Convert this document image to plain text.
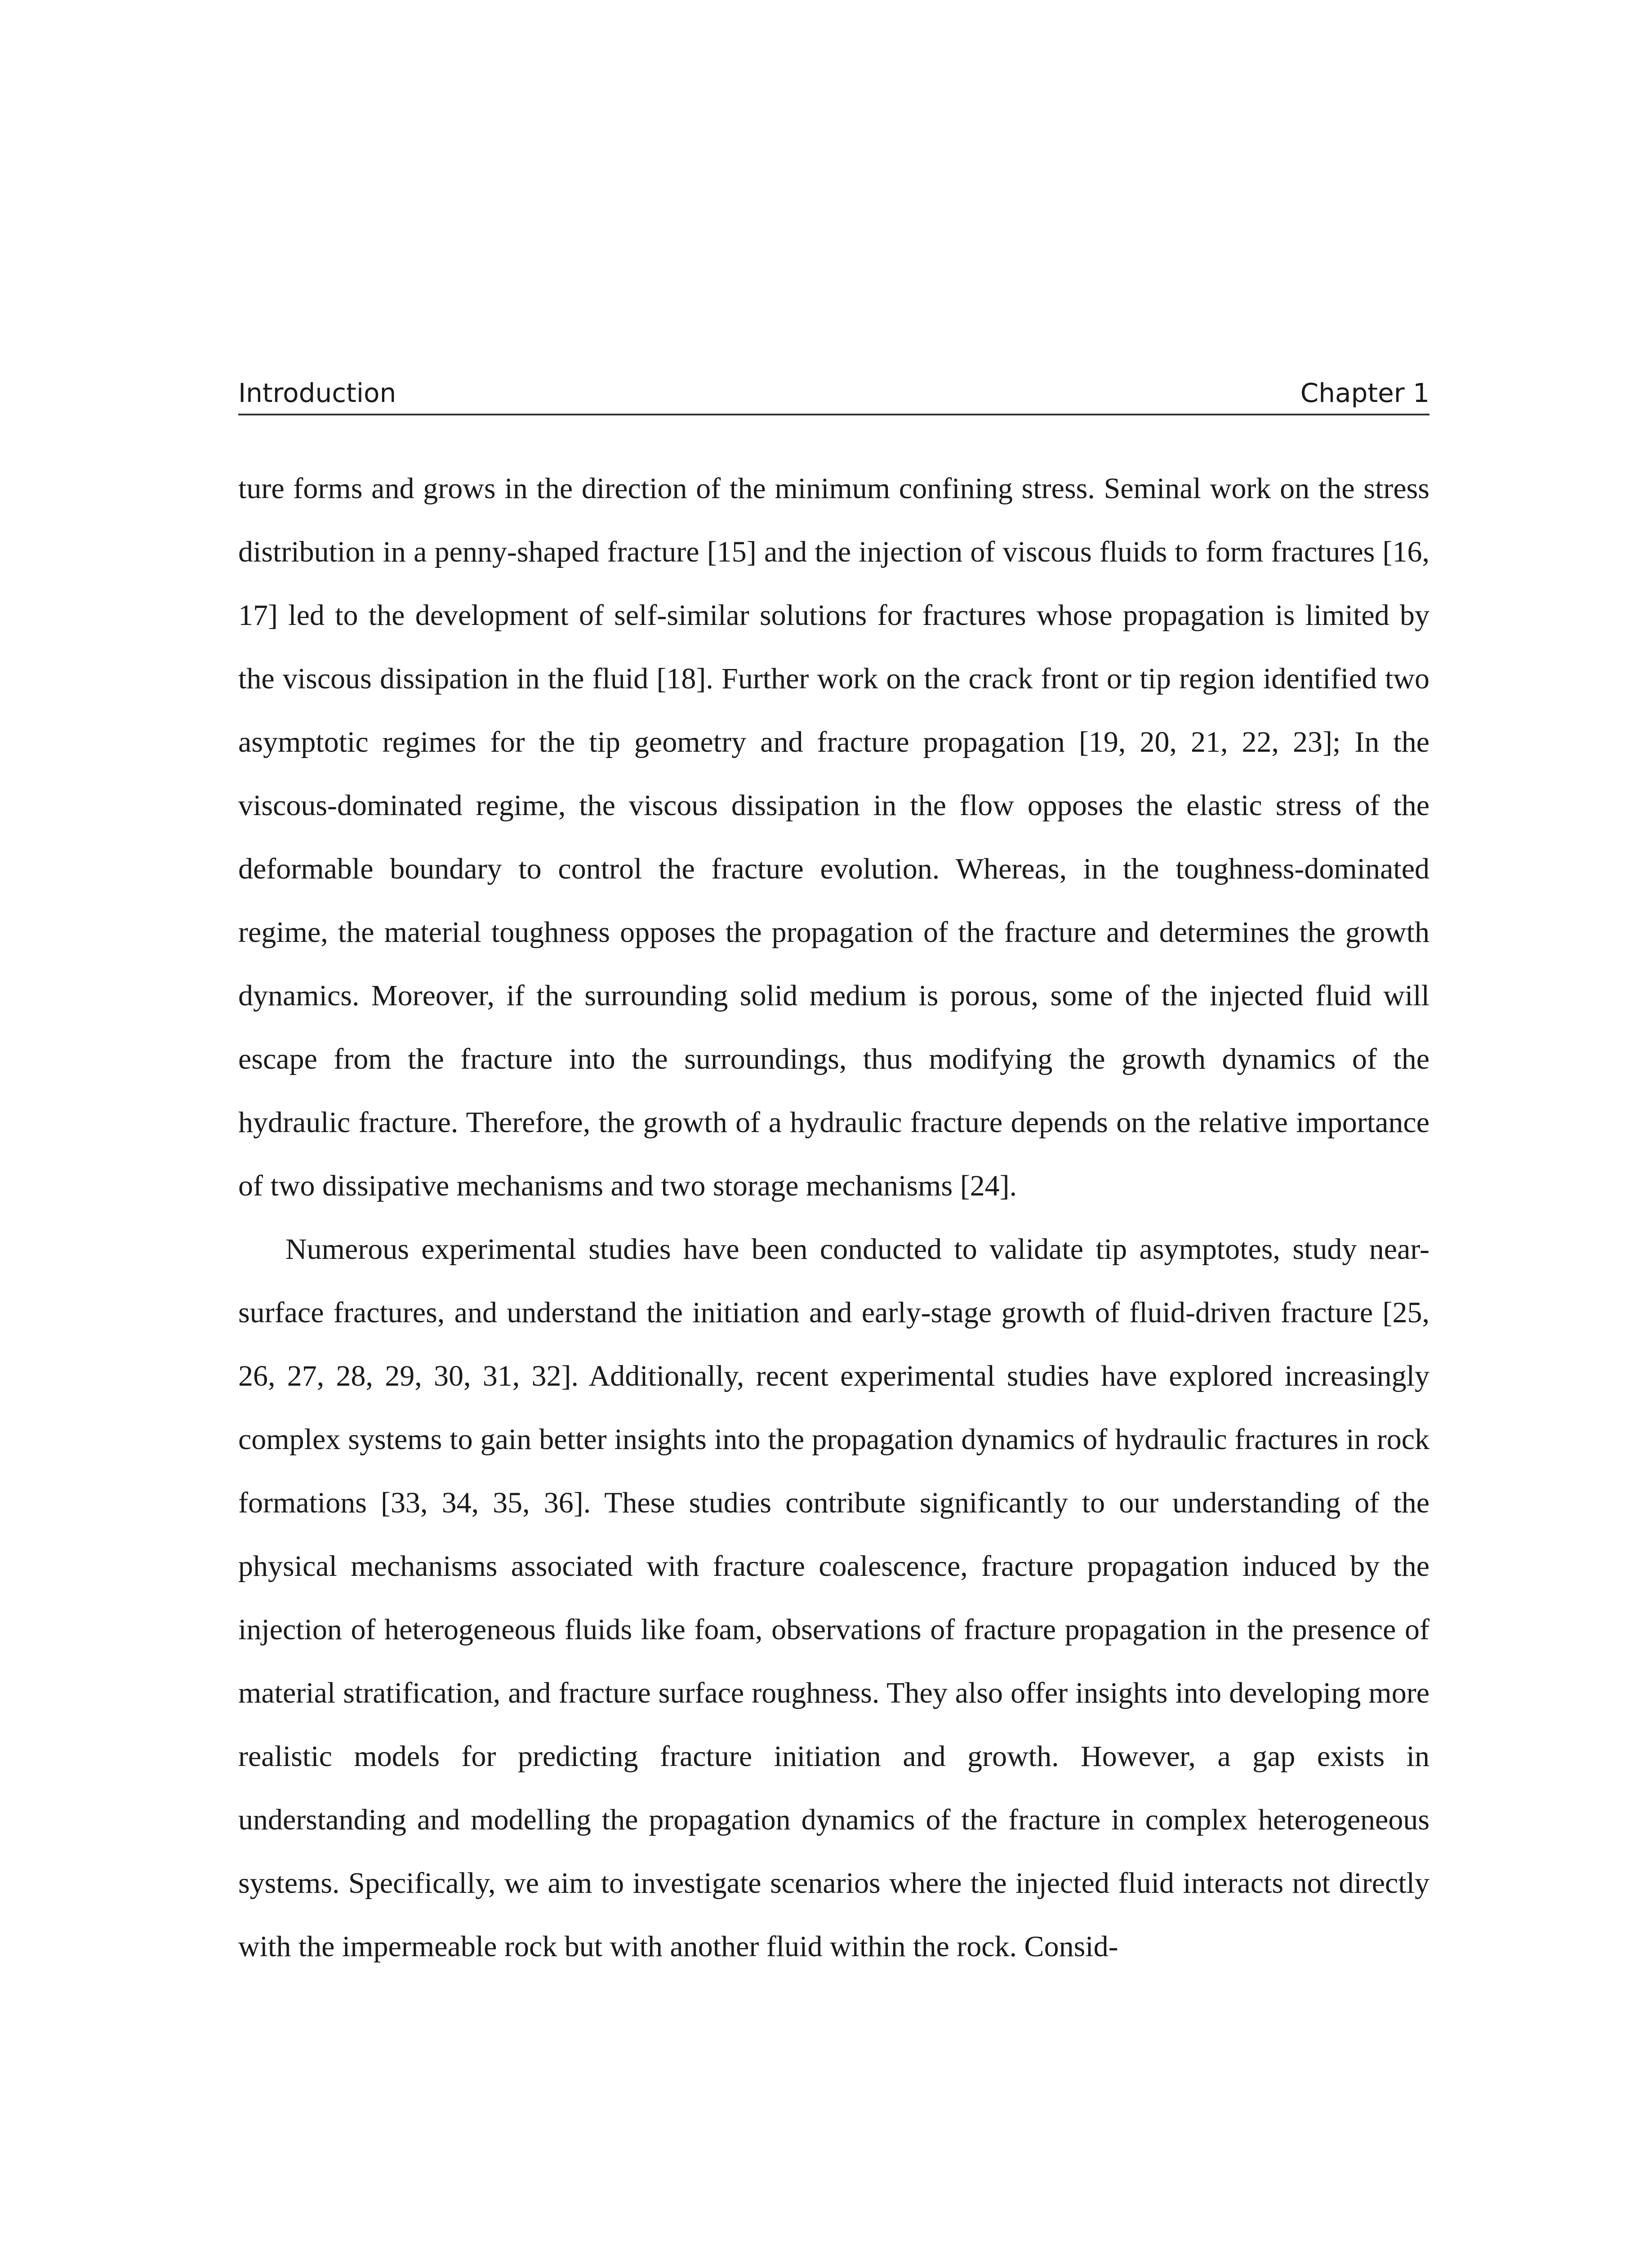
Introduction	Chapter 1

ture forms and grows in the direction of the minimum confining stress. Seminal work on the stress distribution in a penny-shaped fracture [15] and the injection of viscous fluids to form fractures [16, 17] led to the development of self-similar solutions for fractures whose propagation is limited by the viscous dissipation in the fluid [18]. Further work on the crack front or tip region identified two asymptotic regimes for the tip geometry and fracture propagation [19, 20, 21, 22, 23]; In the viscous-dominated regime, the viscous dissipation in the flow opposes the elastic stress of the deformable boundary to control the fracture evolution. Whereas, in the toughness-dominated regime, the material toughness opposes the propagation of the fracture and determines the growth dynamics. Moreover, if the surrounding solid medium is porous, some of the injected fluid will escape from the fracture into the surroundings, thus modifying the growth dynamics of the hydraulic fracture. Therefore, the growth of a hydraulic fracture depends on the relative importance of two dissipative mechanisms and two storage mechanisms [24].

Numerous experimental studies have been conducted to validate tip asymptotes, study near-surface fractures, and understand the initiation and early-stage growth of fluid-driven fracture [25, 26, 27, 28, 29, 30, 31, 32]. Additionally, recent experimental studies have explored increasingly complex systems to gain better insights into the propagation dynamics of hydraulic fractures in rock formations [33, 34, 35, 36]. These studies contribute significantly to our understanding of the physical mechanisms associated with fracture coalescence, fracture propagation induced by the injection of heterogeneous fluids like foam, observations of fracture propagation in the presence of material stratification, and fracture surface roughness. They also offer insights into developing more realistic models for predicting fracture initiation and growth. However, a gap exists in understanding and modelling the propagation dynamics of the fracture in complex heterogeneous systems. Specifically, we aim to investigate scenarios where the injected fluid interacts not directly with the impermeable rock but with another fluid within the rock. Consid-
